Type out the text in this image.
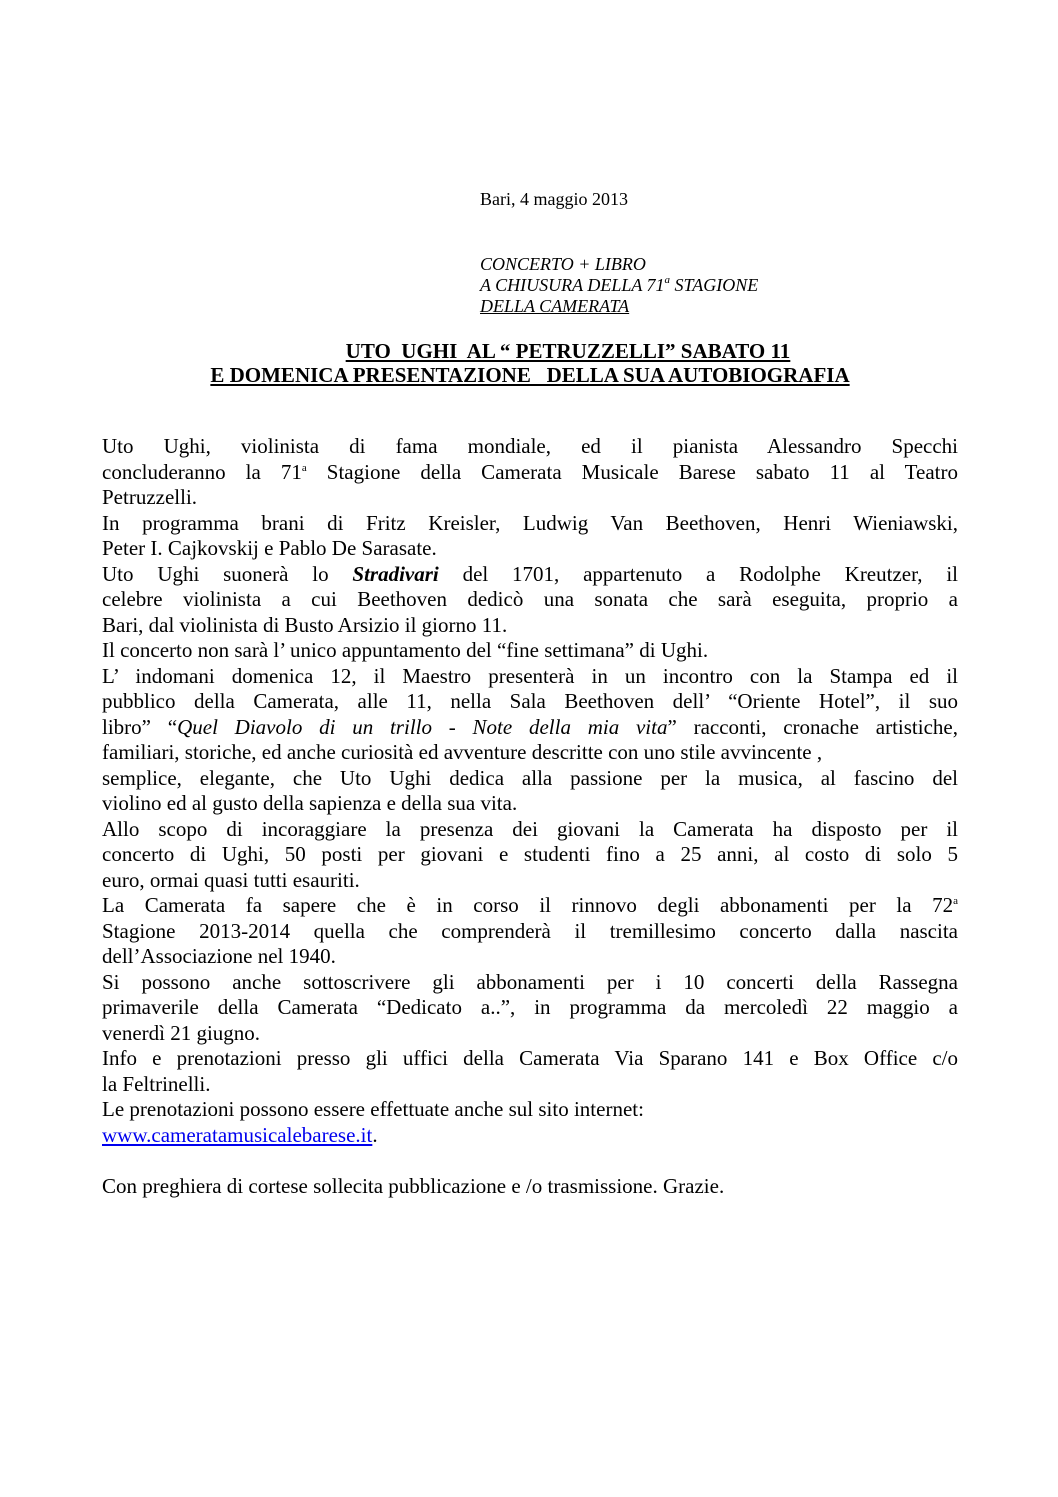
Bari, 4 maggio 2013
CONCERTO + LIBRO
A CHIUSURA DELLA 71$^a$ STAGIONE
DELLA CAMERATA
UTO  UGHI  AL “ PETRUZZELLI” SABATO 11
E DOMENICA PRESENTAZIONE   DELLA SUA AUTOBIOGRAFIA
Uto Ughi, violinista di fama mondiale, ed il pianista Alessandro Specchi
concluderanno la 71$^a$ Stagione della Camerata Musicale Barese sabato 11 al Teatro
Petruzzelli.
In programma brani di Fritz Kreisler, Ludwig Van Beethoven, Henri Wieniawski,
Peter I. Cajkovskij e Pablo De Sarasate.
Uto Ughi suonerà lo Stradivari del 1701, appartenuto a Rodolphe Kreutzer, il
celebre violinista a cui Beethoven dedicò una sonata che sarà eseguita, proprio a
Bari, dal violinista di Busto Arsizio il giorno 11.
Il concerto non sarà l’ unico appuntamento del “fine settimana” di Ughi.
L’ indomani domenica 12, il Maestro presenterà in un incontro con la Stampa ed il
pubblico della Camerata, alle 11, nella Sala Beethoven dell’ “Oriente Hotel”, il suo
libro” “Quel Diavolo di un trillo - Note della mia vita” racconti, cronache artistiche,
familiari, storiche, ed anche curiosità ed avventure descritte con uno stile avvincente ,
semplice, elegante, che Uto Ughi dedica alla passione per la musica, al fascino del
violino ed al gusto della sapienza e della sua vita.
Allo scopo di incoraggiare la presenza dei giovani la Camerata ha disposto per il
concerto di Ughi, 50 posti per giovani e studenti fino a 25 anni, al costo di solo 5
euro, ormai quasi tutti esauriti.
La Camerata fa sapere che è in corso il rinnovo degli abbonamenti per la 72$^a$
Stagione 2013-2014 quella che comprenderà il tremillesimo concerto dalla nascita
dell’Associazione nel 1940.
Si possono anche sottoscrivere gli abbonamenti per i 10 concerti della Rassegna
primaverile della Camerata “Dedicato a..”, in programma da mercoledì 22 maggio a
venerdì 21 giugno.
Info e prenotazioni presso gli uffici della Camerata Via Sparano 141 e Box Office c/o
la Feltrinelli.
Le prenotazioni possono essere effettuate anche sul sito internet:
www.cameratamusicalebarese.it.
Con preghiera di cortese sollecita pubblicazione e /o trasmissione. Grazie.
